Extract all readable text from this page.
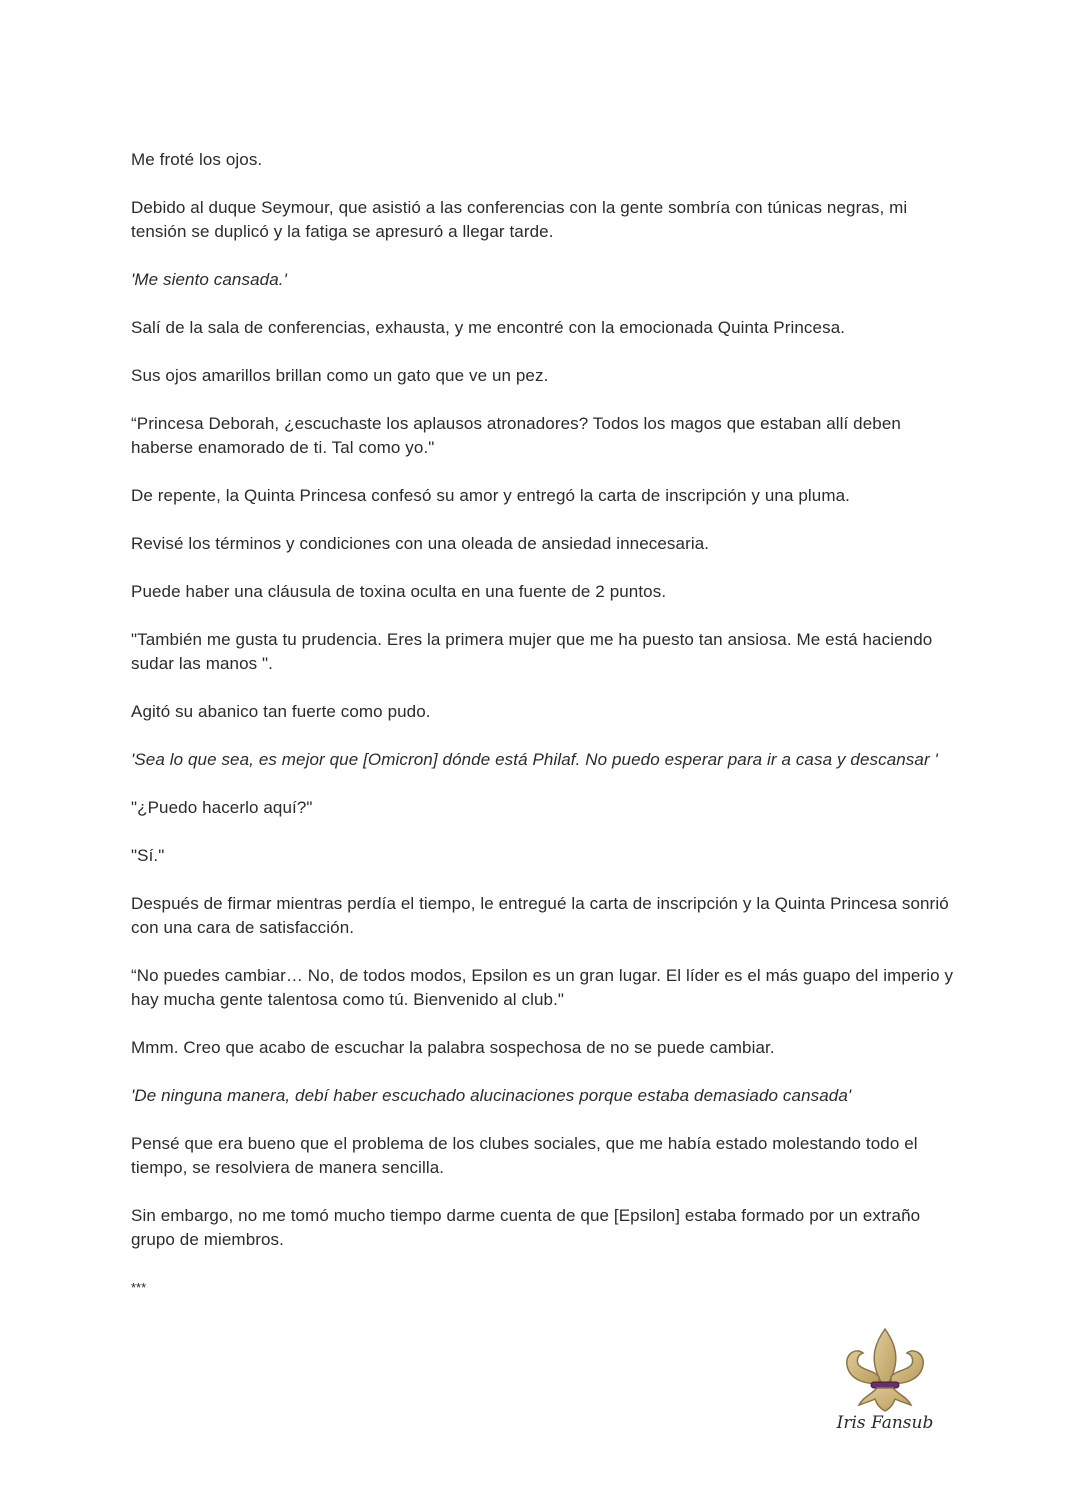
Me froté los ojos.

Debido al duque Seymour, que asistió a las conferencias con la gente sombría con túnicas negras, mi tensión se duplicó y la fatiga se apresuró a llegar tarde.

'Me siento cansada.'

Salí de la sala de conferencias, exhausta, y me encontré con la emocionada Quinta Princesa.

Sus ojos amarillos brillan como un gato que ve un pez.

“Princesa Deborah, ¿escuchaste los aplausos atronadores? Todos los magos que estaban allí deben haberse enamorado de ti. Tal como yo."

De repente, la Quinta Princesa confesó su amor y entregó la carta de inscripción y una pluma.

Revisé los términos y condiciones con una oleada de ansiedad innecesaria.

Puede haber una cláusula de toxina oculta en una fuente de 2 puntos.

"También me gusta tu prudencia. Eres la primera mujer que me ha puesto tan ansiosa. Me está haciendo sudar las manos ".

Agitó su abanico tan fuerte como pudo.

'Sea lo que sea, es mejor que [Omicron] dónde está Philaf. No puedo esperar para ir a casa y descansar '

"¿Puedo hacerlo aquí?"

"Sí."

Después de firmar mientras perdía el tiempo, le entregué la carta de inscripción y la Quinta Princesa sonrió con una cara de satisfacción.

“No puedes cambiar… No, de todos modos, Epsilon es un gran lugar. El líder es el más guapo del imperio y hay mucha gente talentosa como tú. Bienvenido al club."

Mmm. Creo que acabo de escuchar la palabra sospechosa de no se puede cambiar.

'De ninguna manera, debí haber escuchado alucinaciones porque estaba demasiado cansada'

Pensé que era bueno que el problema de los clubes sociales, que me había estado molestando todo el tiempo, se resolviera de manera sencilla.

Sin embargo, no me tomó mucho tiempo darme cuenta de que [Epsilon] estaba formado por un extraño grupo de miembros.

***
Iris Fansub
